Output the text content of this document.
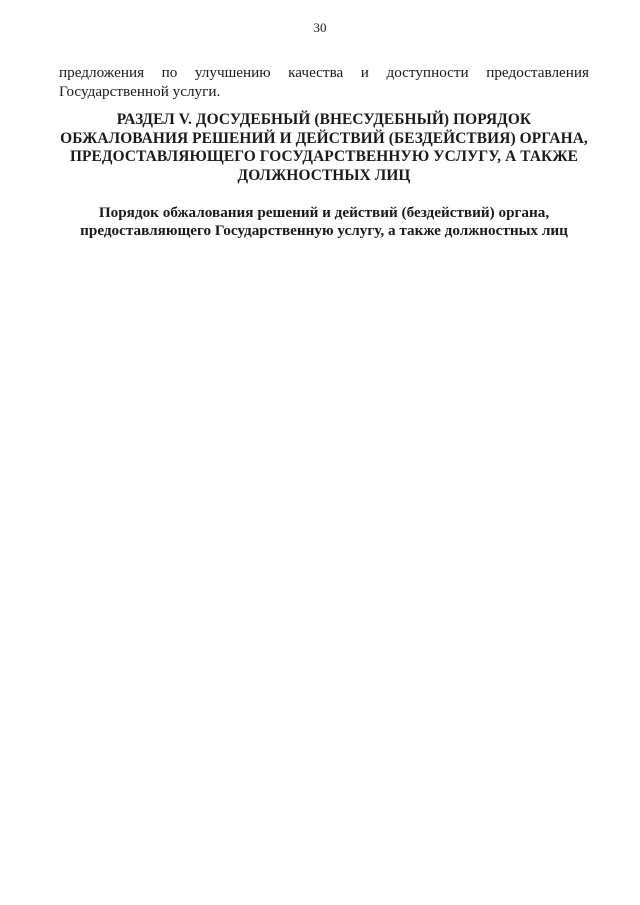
30

предложения по улучшению качества и доступности предоставления Государственной услуги.

РАЗДЕЛ V. ДОСУДЕБНЫЙ (ВНЕСУДЕБНЫЙ) ПОРЯДОК ОБЖАЛОВАНИЯ РЕШЕНИЙ И ДЕЙСТВИЙ (БЕЗДЕЙСТВИЯ) ОРГАНА, ПРЕДОСТАВЛЯЮЩЕГО ГОСУДАРСТВЕННУЮ УСЛУГУ, А ТАКЖЕ ДОЛЖНОСТНЫХ ЛИЦ

Порядок обжалования решений и действий (бездействий) органа, предоставляющего Государственную услугу, а также должностных лиц
